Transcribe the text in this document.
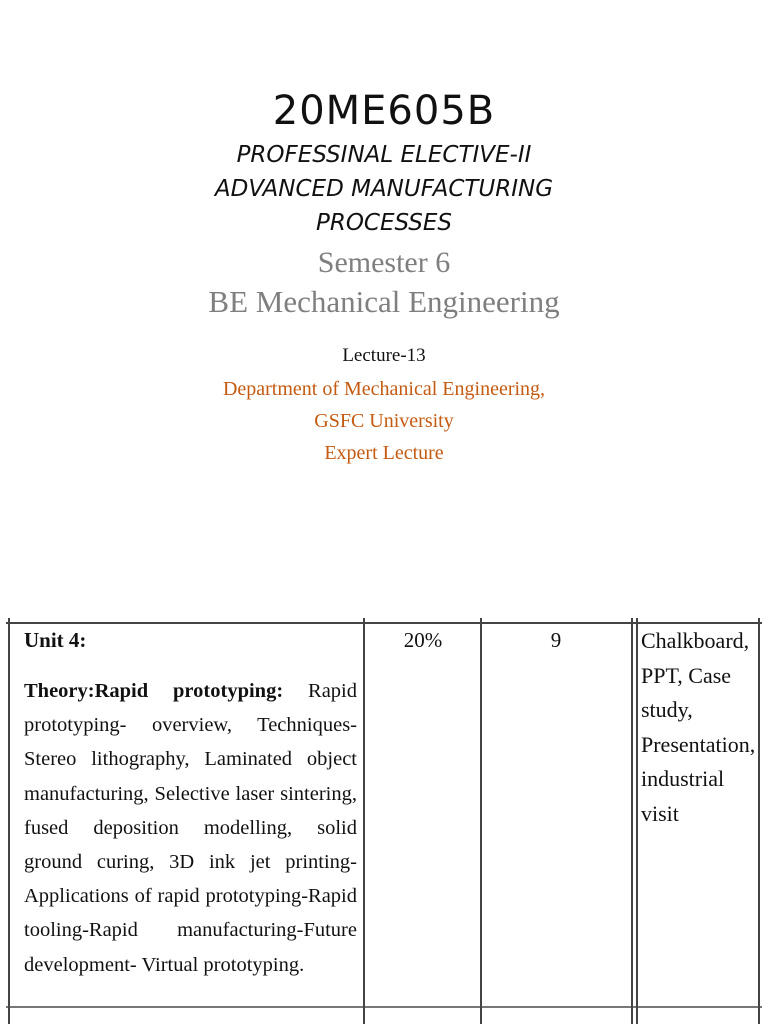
20ME605B
PROFESSINAL ELECTIVE-II
ADVANCED MANUFACTURING
PROCESSES
Semester 6
BE Mechanical Engineering
Lecture-13
Department of Mechanical Engineering,
GSFC University
Expert Lecture
Unit 4:
Theory:Rapid prototyping: Rapid prototyping- overview, Techniques- Stereo lithography, Laminated object manufacturing, Selective laser sintering, fused deposition modelling, solid ground curing, 3D ink jet printing-Applications of rapid prototyping-Rapid tooling-Rapid manufacturing-Future development- Virtual prototyping.
20%	9	Chalkboard, PPT, Case study, Presentation, industrial visit
